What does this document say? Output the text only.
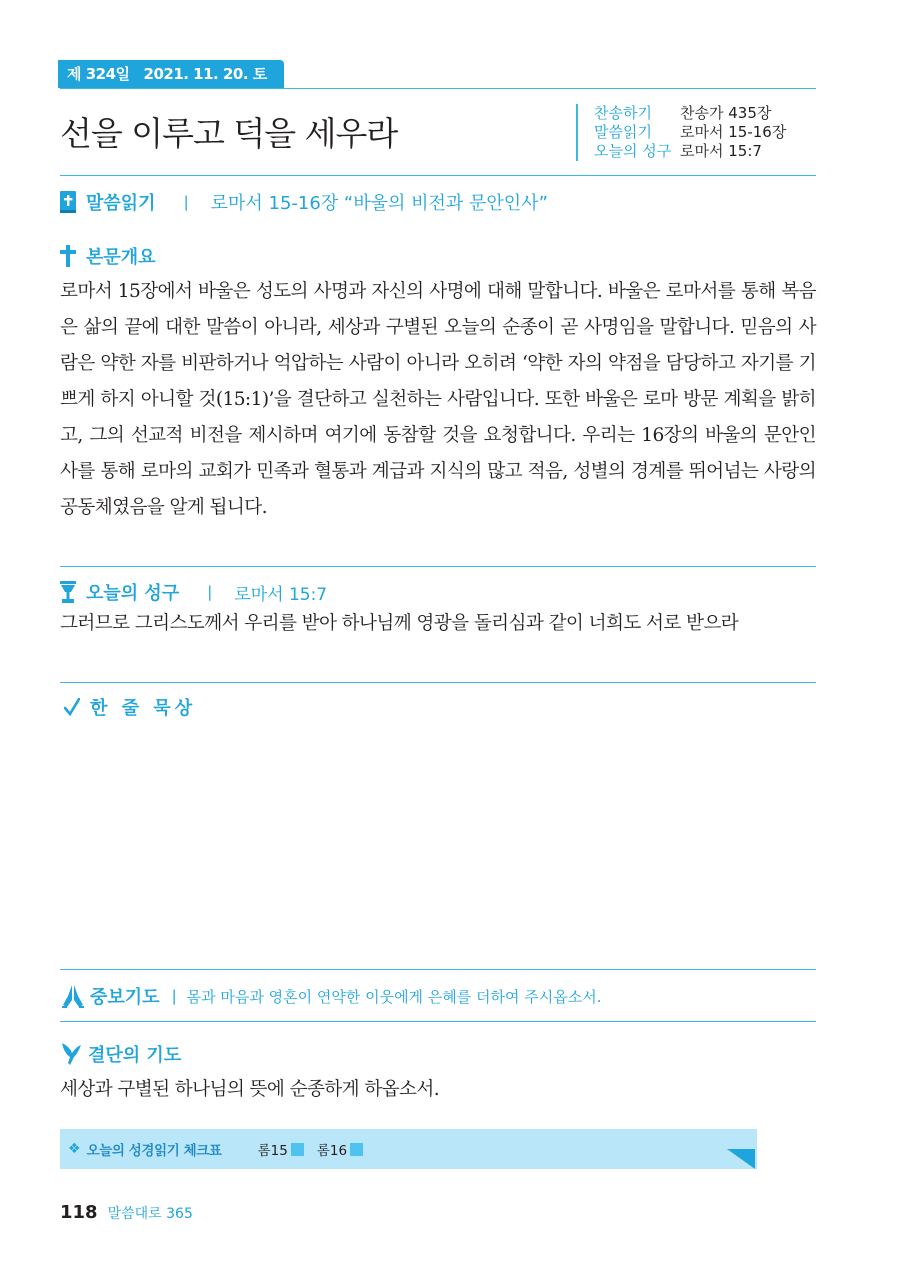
제 324일 2021. 11. 20. 토
선을 이루고 덕을 세우라
찬송하기	찬송가 435장
말씀읽기	로마서 15-16장
오늘의 성구 로마서 15:7
말씀읽기 | 로마서 15-16장 “바울의 비전과 문안인사”
본문개요

로마서 15장에서 바울은 성도의 사명과 자신의 사명에 대해 말합니다. 바울은 로마서를 통해 복음은 삶의 끝에 대한 말씀이 아니라, 세상과 구별된 오늘의 순종이 곧 사명임을 말합니다. 믿음의 사람은 약한 자를 비판하거나 억압하는 사람이 아니라 오히려 ‘약한 자의 약점을 담당하고 자기를 기쁘게 하지 아니할 것(15:1)’을 결단하고 실천하는 사람입니다. 또한 바울은 로마 방문 계획을 밝히고, 그의 선교적 비전을 제시하며 여기에 동참할 것을 요청합니다. 우리는 16장의 바울의 문안인사를 통해 로마의 교회가 민족과 혈통과 계급과 지식의 많고 적음, 성별의 경계를 뛰어넘는 사랑의 공동체였음을 알게 됩니다.

오늘의 성구 | 로마서 15:7

그러므로 그리스도께서 우리를 받아 하나님께 영광을 돌리심과 같이 너희도 서로 받으라

한 줄 묵상
중보기도 | 몸과 마음과 영혼이 연약한 이웃에게 은혜를 더하여 주시옵소서.
결단의 기도

세상과 구별된 하나님의 뜻에 순종하게 하옵소서.

❖ 오늘의 성경읽기 체크표	롬15 롬16
118 말씀대로 365
